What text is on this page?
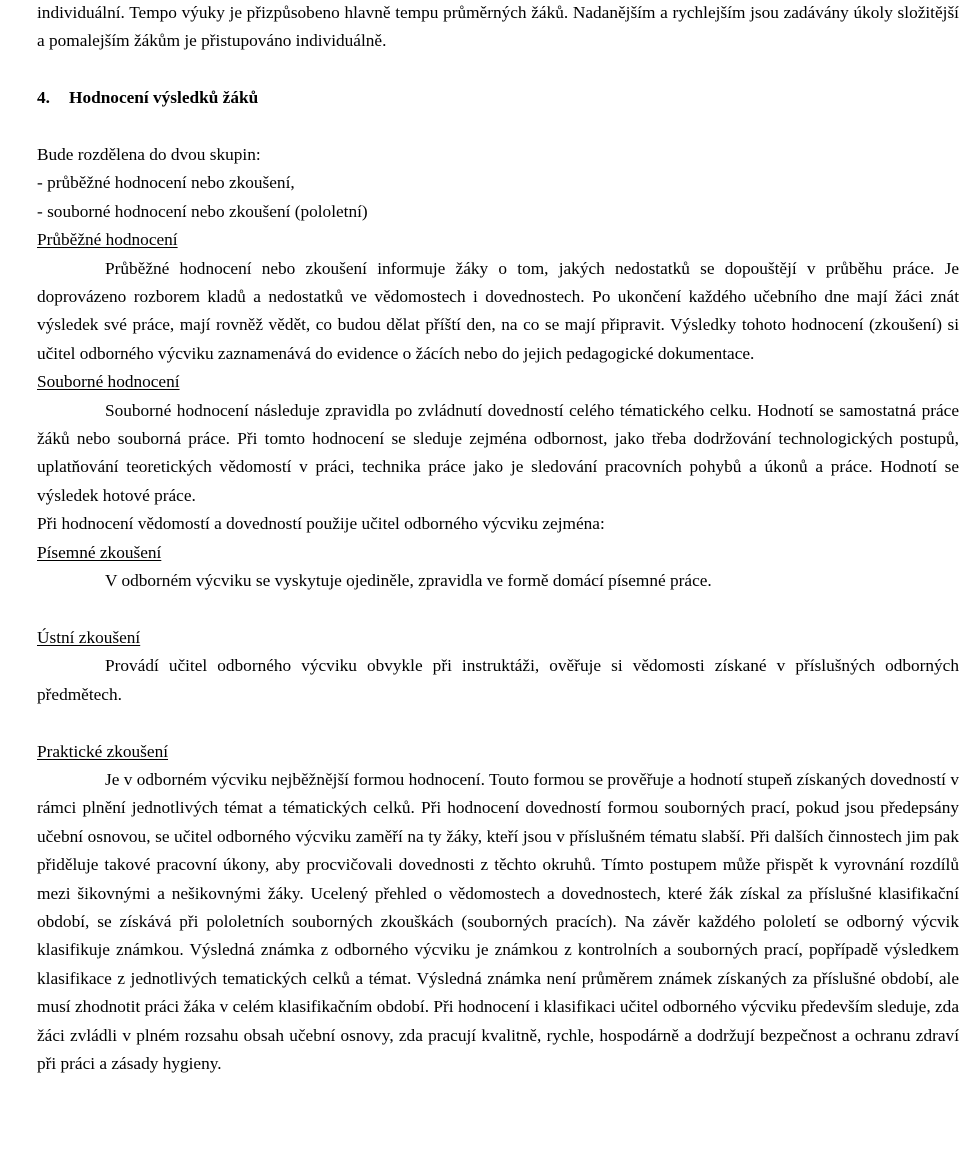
individuální. Tempo výuky je přizpůsobeno hlavně tempu průměrných žáků. Nadanějším a rychlejším jsou zadávány úkoly složitější a pomalejším žákům je přistupováno individuálně.

4. Hodnocení výsledků žáků

Bude rozdělena do dvou skupin:

- průběžné hodnocení nebo zkoušení,

- souborné hodnocení nebo zkoušení (pololetní)

Průběžné hodnocení

Průběžné hodnocení nebo zkoušení informuje žáky o tom, jakých nedostatků se dopouštějí v průběhu práce. Je doprovázeno rozborem kladů a nedostatků ve vědomostech i dovednostech. Po ukončení každého učebního dne mají žáci znát výsledek své práce, mají rovněž vědět, co budou dělat příští den, na co se mají připravit. Výsledky tohoto hodnocení (zkoušení) si učitel odborného výcviku zaznamenává do evidence o žácích nebo do jejich pedagogické dokumentace.

Souborné hodnocení

Souborné hodnocení následuje zpravidla po zvládnutí dovedností celého tématického celku. Hodnotí se samostatná práce žáků nebo souborná práce. Při tomto hodnocení se sleduje zejména odbornost, jako třeba dodržování technologických postupů, uplatňování teoretických vědomostí v práci, technika práce jako je sledování pracovních pohybů a úkonů a práce. Hodnotí se výsledek hotové práce.

Při hodnocení vědomostí a dovedností použije učitel odborného výcviku zejména:

Písemné zkoušení

V odborném výcviku se vyskytuje ojediněle, zpravidla ve formě domácí písemné práce.

Ústní zkoušení

Provádí učitel odborného výcviku obvykle při instruktáži, ověřuje si vědomosti získané v příslušných odborných předmětech.

Praktické zkoušení

Je v odborném výcviku nejběžnější formou hodnocení. Touto formou se prověřuje a hodnotí stupeň získaných dovedností v rámci plnění jednotlivých témat a tématických celků. Při hodnocení dovedností formou souborných prací, pokud jsou předepsány učební osnovou, se učitel odborného výcviku zaměří na ty žáky, kteří jsou v příslušném tématu slabší. Při dalších činnostech jim pak přiděluje takové pracovní úkony, aby procvičovali dovednosti z těchto okruhů. Tímto postupem může přispět k vyrovnání rozdílů mezi šikovnými a nešikovnými žáky. Ucelený přehled o vědomostech a dovednostech, které žák získal za příslušné klasifikační období, se získává při pololetních souborných zkouškách (souborných pracích). Na závěr každého pololetí se odborný výcvik klasifikuje známkou. Výsledná známka z odborného výcviku je známkou z kontrolních a souborných prací, popřípadě výsledkem klasifikace z jednotlivých tematických celků a témat. Výsledná známka není průměrem známek získaných za příslušné období, ale musí zhodnotit práci žáka v celém klasifikačním období. Při hodnocení i klasifikaci učitel odborného výcviku především sleduje, zda žáci zvládli v plném rozsahu obsah učební osnovy, zda pracují kvalitně, rychle, hospodárně a dodržují bezpečnost a ochranu zdraví při práci a zásady hygieny.
